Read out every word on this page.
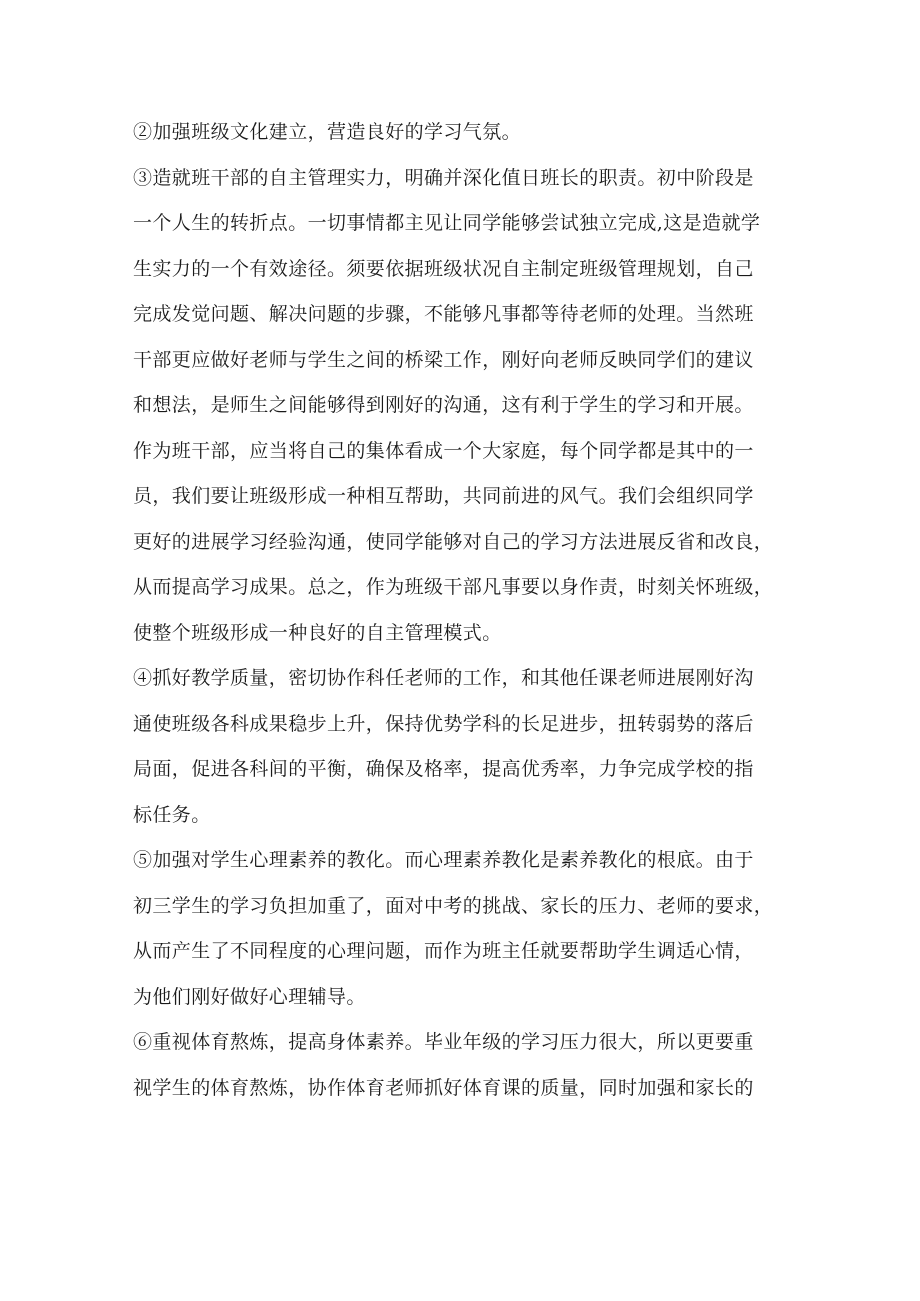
②加强班级文化建立，营造良好的学习气氛。

③造就班干部的自主管理实力，明确并深化值日班长的职责。初中阶段是
一个人生的转折点。一切事情都主见让同学能够尝试独立完成,这是造就学
生实力的一个有效途径。须要依据班级状况自主制定班级管理规划，自己
完成发觉问题、解决问题的步骤，不能够凡事都等待老师的处理。当然班
干部更应做好老师与学生之间的桥梁工作，刚好向老师反映同学们的建议
和想法，是师生之间能够得到刚好的沟通，这有利于学生的学习和开展。
作为班干部，应当将自己的集体看成一个大家庭，每个同学都是其中的一
员，我们要让班级形成一种相互帮助，共同前进的风气。我们会组织同学
更好的进展学习经验沟通，使同学能够对自己的学习方法进展反省和改良，
从而提高学习成果。总之，作为班级干部凡事要以身作责，时刻关怀班级，
使整个班级形成一种良好的自主管理模式。

④抓好教学质量，密切协作科任老师的工作，和其他任课老师进展刚好沟
通使班级各科成果稳步上升，保持优势学科的长足进步，扭转弱势的落后
局面，促进各科间的平衡，确保及格率，提高优秀率，力争完成学校的指
标任务。

⑤加强对学生心理素养的教化。而心理素养教化是素养教化的根底。由于
初三学生的学习负担加重了，面对中考的挑战、家长的压力、老师的要求，
从而产生了不同程度的心理问题，而作为班主任就要帮助学生调适心情，
为他们刚好做好心理辅导。

⑥重视体育熬炼，提高身体素养。毕业年级的学习压力很大，所以更要重
视学生的体育熬炼，协作体育老师抓好体育课的质量，同时加强和家长的
